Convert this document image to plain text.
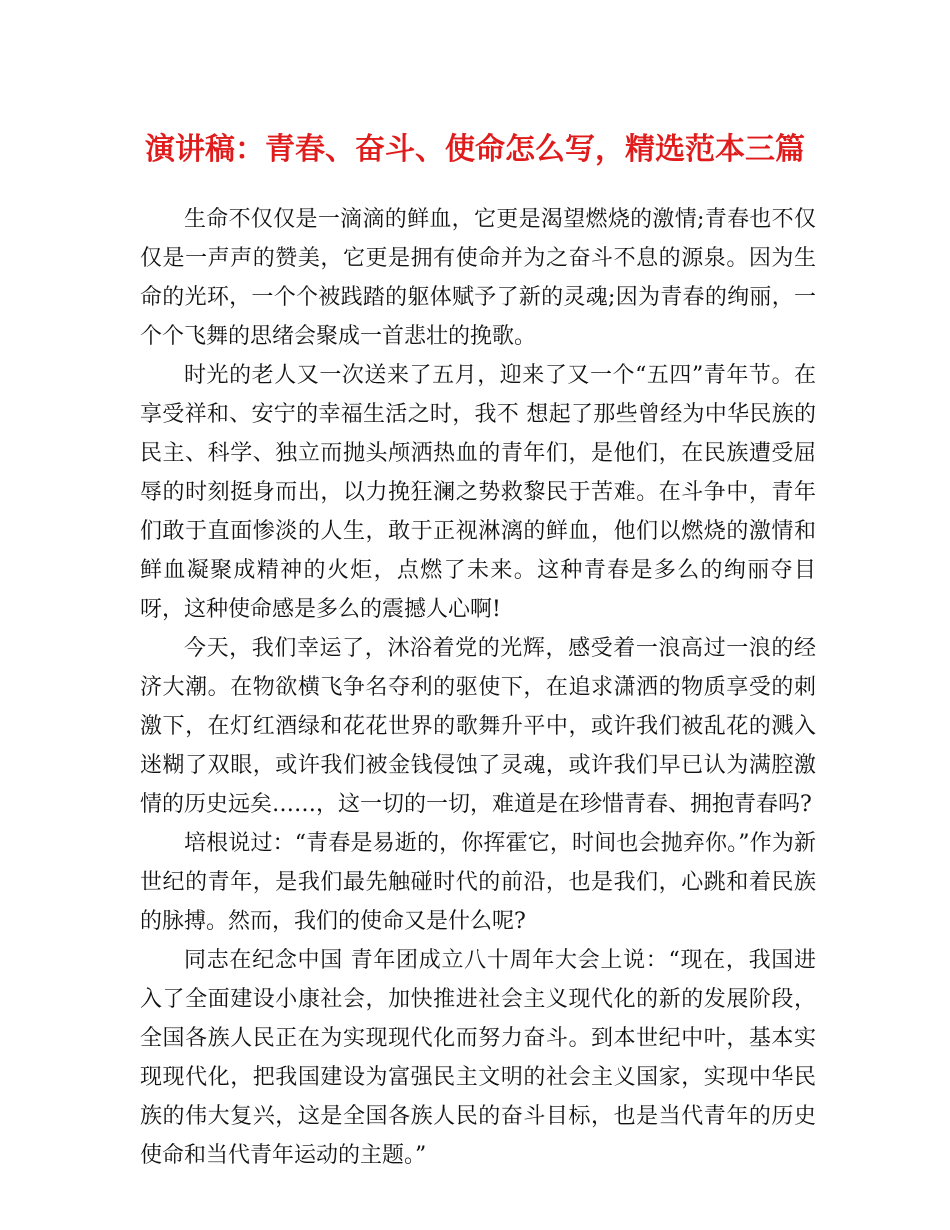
演讲稿：青春、奋斗、使命怎么写，精选范本三篇

生命不仅仅是一滴滴的鲜血，它更是渴望燃烧的激情;青春也不仅仅是一声声的赞美，它更是拥有使命并为之奋斗不息的源泉。因为生命的光环，一个个被践踏的躯体赋予了新的灵魂;因为青春的绚丽，一个个飞舞的思绪会聚成一首悲壮的挽歌。

时光的老人又一次送来了五月，迎来了又一个“五四”青年节。在享受祥和、安宁的幸福生活之时，我不 想起了那些曾经为中华民族的民主、科学、独立而抛头颅洒热血的青年们，是他们，在民族遭受屈辱的时刻挺身而出，以力挽狂澜之势救黎民于苦难。在斗争中，青年们敢于直面惨淡的人生，敢于正视淋漓的鲜血，他们以燃烧的激情和鲜血凝聚成精神的火炬，点燃了未来。这种青春是多么的绚丽夺目呀，这种使命感是多么的震撼人心啊!

今天，我们幸运了，沐浴着党的光辉，感受着一浪高过一浪的经济大潮。在物欲横飞争名夺利的驱使下，在追求潇洒的物质享受的刺激下，在灯红酒绿和花花世界的歌舞升平中，或许我们被乱花的溅入迷糊了双眼，或许我们被金钱侵蚀了灵魂，或许我们早已认为满腔激情的历史远矣……，这一切的一切，难道是在珍惜青春、拥抱青春吗?

培根说过：“青春是易逝的，你挥霍它，时间也会抛弃你。”作为新世纪的青年，是我们最先触碰时代的前沿，也是我们，心跳和着民族的脉搏。然而，我们的使命又是什么呢?

同志在纪念中国 青年团成立八十周年大会上说：“现在，我国进入了全面建设小康社会，加快推进社会主义现代化的新的发展阶段，全国各族人民正在为实现现代化而努力奋斗。到本世纪中叶，基本实现现代化，把我国建设为富强民主文明的社会主义国家，实现中华民族的伟大复兴，这是全国各族人民的奋斗目标，也是当代青年的历史使命和当代青年运动的主题。”
